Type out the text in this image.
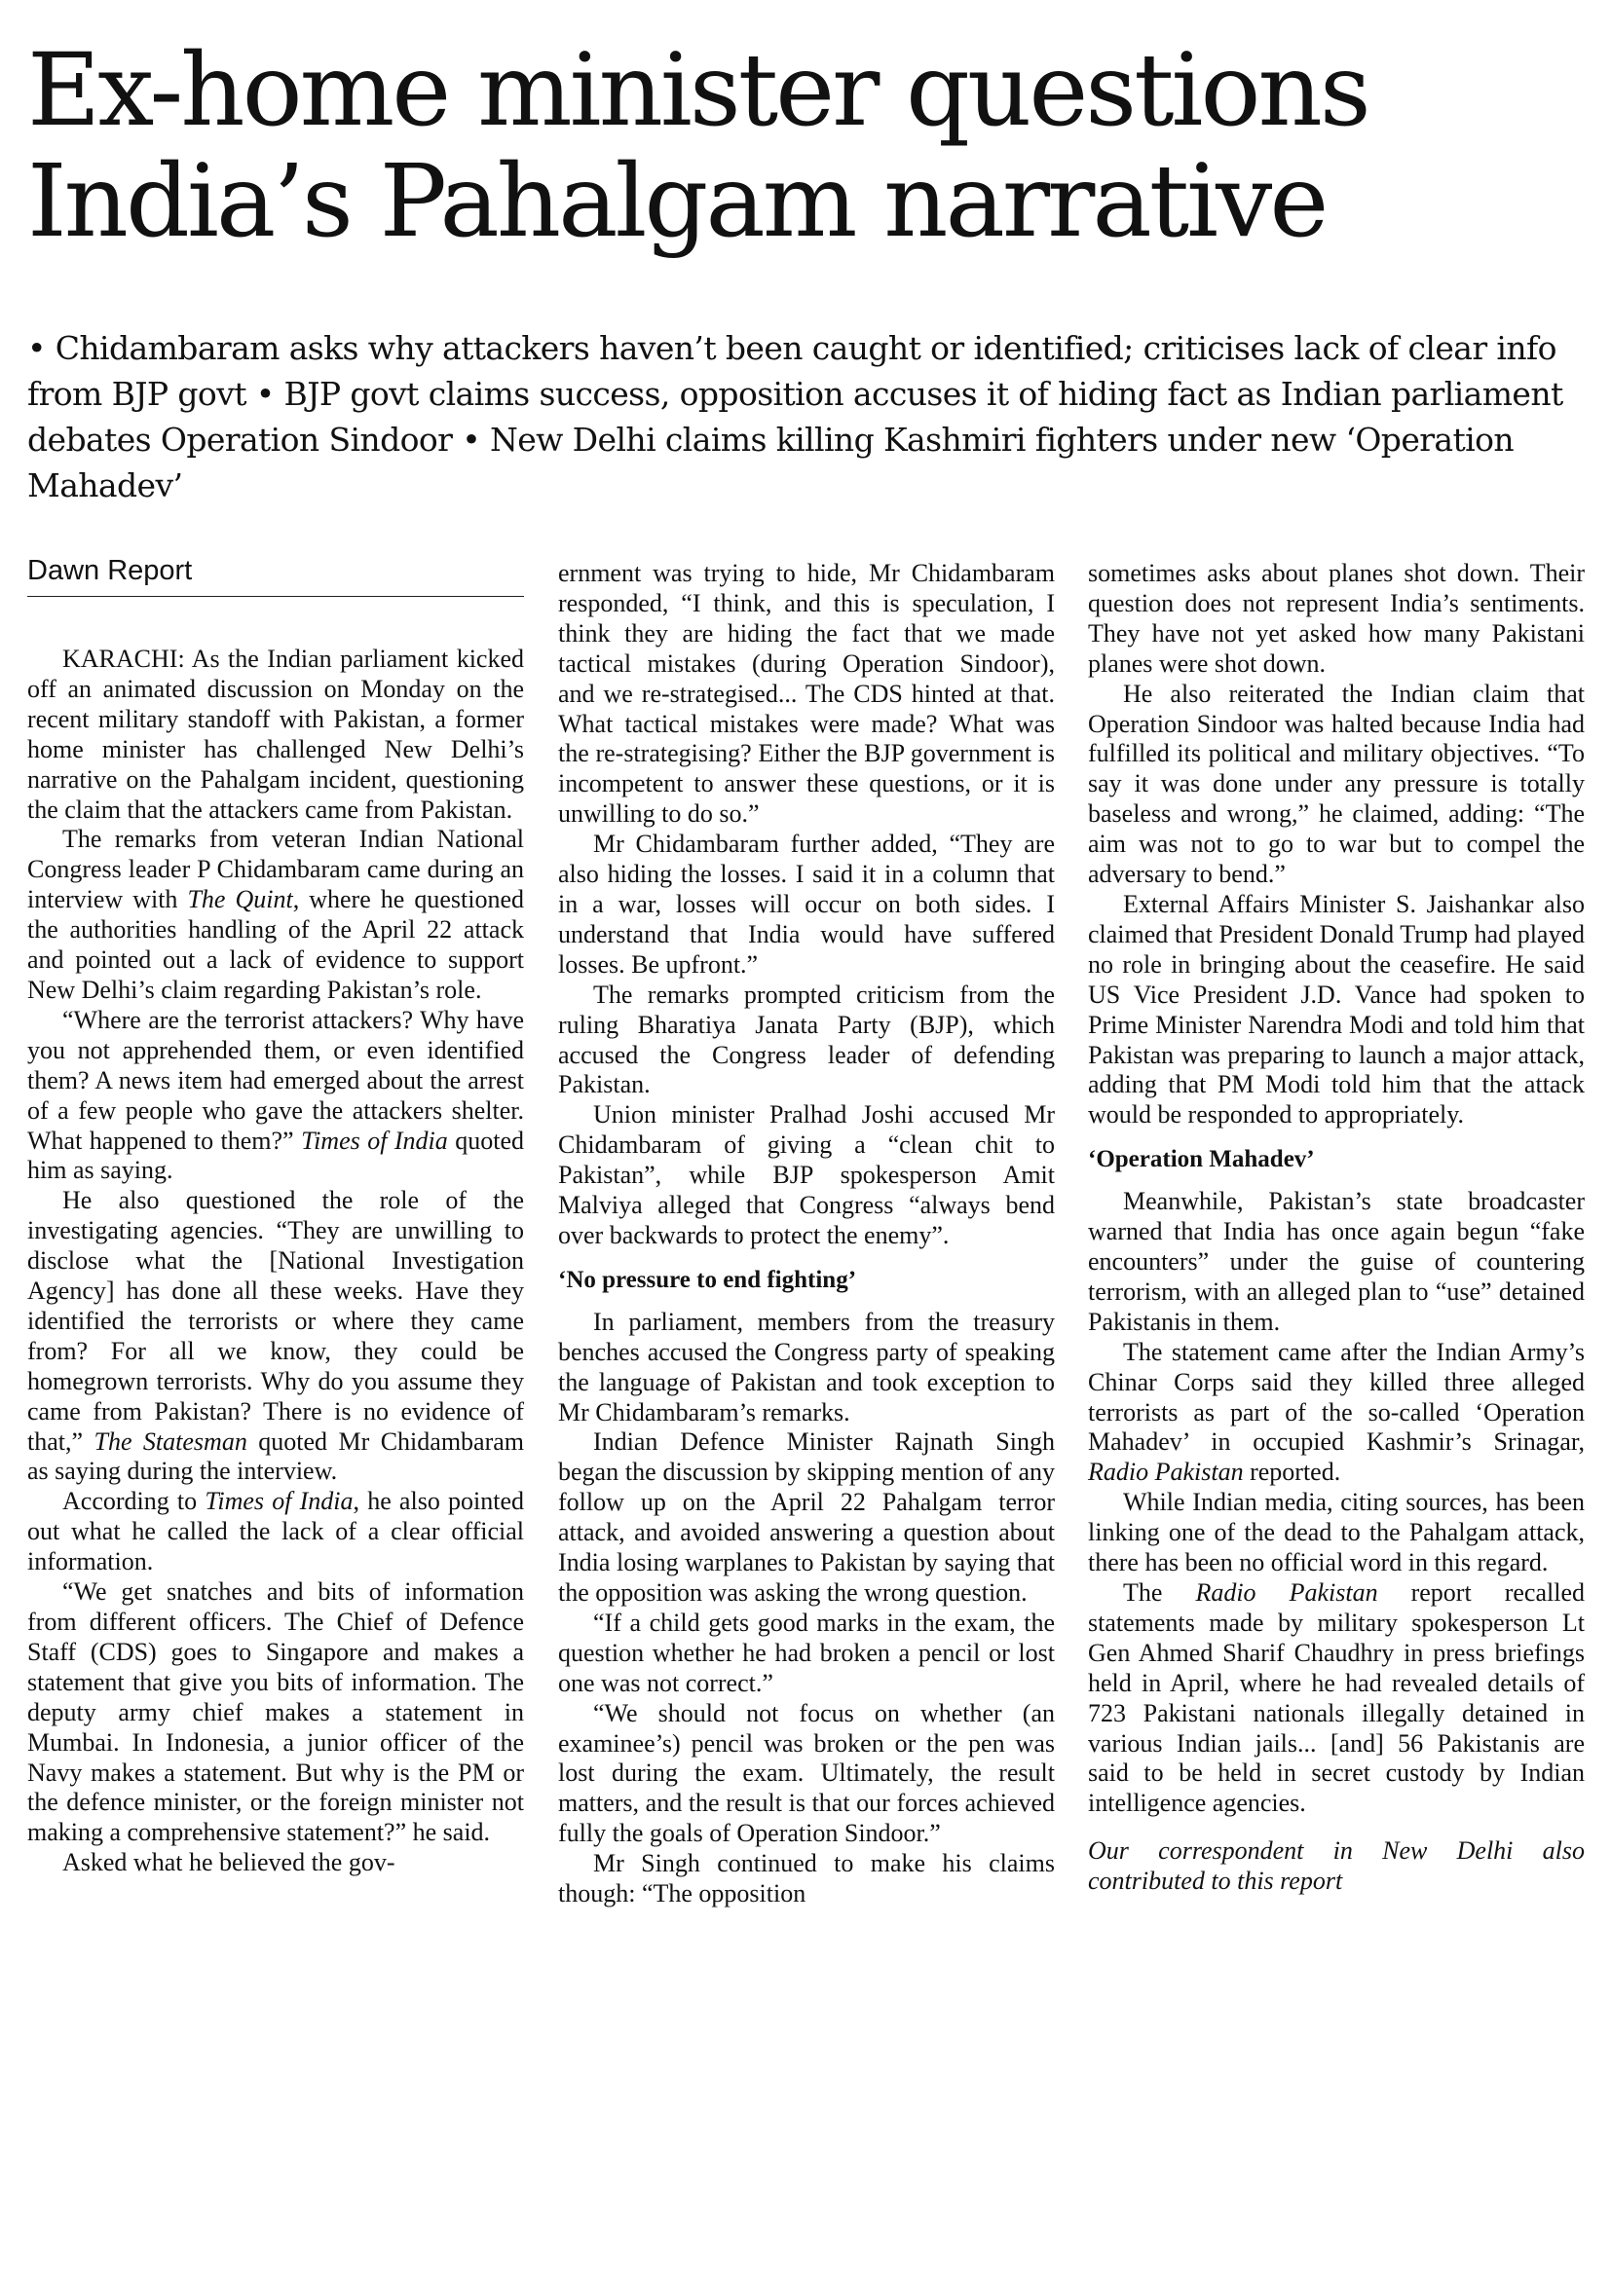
Ex-home minister questions India’s Pahalgam narrative

• Chidambaram asks why attackers haven’t been caught or identified; criticises lack of clear info from BJP govt • BJP govt claims success, opposition accuses it of hiding fact as Indian parliament debates Operation Sindoor • New Delhi claims killing Kashmiri fighters under new ‘Operation Mahadev’

Dawn Report

KARACHI: As the Indian parliament kicked off an animated discussion on Monday on the recent military standoff with Pakistan, a former home minister has challenged New Delhi’s narrative on the Pahalgam incident, questioning the claim that the attackers came from Pakistan.

The remarks from veteran Indian National Congress leader P Chidambaram came during an interview with The Quint, where he questioned the authorities handling of the April 22 attack and pointed out a lack of evidence to support New Delhi’s claim regarding Pakistan’s role.

“Where are the terrorist attackers? Why have you not apprehended them, or even identified them? A news item had emerged about the arrest of a few people who gave the attackers shelter. What happened to them?” Times of India quoted him as saying.

He also questioned the role of the investigating agencies. “They are unwilling to disclose what the [National Investigation Agency] has done all these weeks. Have they identified the terrorists or where they came from? For all we know, they could be homegrown terrorists. Why do you assume they came from Pakistan? There is no evidence of that,” The Statesman quoted Mr Chidambaram as saying during the interview.

According to Times of India, he also pointed out what he called the lack of a clear official information.

“We get snatches and bits of information from different officers. The Chief of Defence Staff (CDS) goes to Singapore and makes a statement that give you bits of information. The deputy army chief makes a statement in Mumbai. In Indonesia, a junior officer of the Navy makes a statement. But why is the PM or the defence minister, or the foreign minister not making a comprehensive statement?” he said.

Asked what he believed the gov-

ernment was trying to hide, Mr Chidambaram responded, “I think, and this is speculation, I think they are hiding the fact that we made tactical mistakes (during Operation Sindoor), and we re-strategised... The CDS hinted at that. What tactical mistakes were made? What was the re-strategising? Either the BJP government is incompetent to answer these questions, or it is unwilling to do so.”

Mr Chidambaram further added, “They are also hiding the losses. I said it in a column that in a war, losses will occur on both sides. I understand that India would have suffered losses. Be upfront.”

The remarks prompted criticism from the ruling Bharatiya Janata Party (BJP), which accused the Congress leader of defending Pakistan.

Union minister Pralhad Joshi accused Mr Chidambaram of giving a “clean chit to Pakistan”, while BJP spokesperson Amit Malviya alleged that Congress “always bend over backwards to protect the enemy”.

‘No pressure to end fighting’

In parliament, members from the treasury benches accused the Congress party of speaking the language of Pakistan and took exception to Mr Chidambaram’s remarks.

Indian Defence Minister Rajnath Singh began the discussion by skipping mention of any follow up on the April 22 Pahalgam terror attack, and avoided answering a question about India losing warplanes to Pakistan by saying that the opposition was asking the wrong question.

“If a child gets good marks in the exam, the question whether he had broken a pencil or lost one was not correct.”

“We should not focus on whether (an examinee’s) pencil was broken or the pen was lost during the exam. Ultimately, the result matters, and the result is that our forces achieved fully the goals of Operation Sindoor.”

Mr Singh continued to make his claims though: “The opposition

sometimes asks about planes shot down. Their question does not represent India’s sentiments. They have not yet asked how many Pakistani planes were shot down.

He also reiterated the Indian claim that Operation Sindoor was halted because India had fulfilled its political and military objectives. “To say it was done under any pressure is totally baseless and wrong,” he claimed, adding: “The aim was not to go to war but to compel the adversary to bend.”

External Affairs Minister S. Jaishankar also claimed that President Donald Trump had played no role in bringing about the ceasefire. He said US Vice President J.D. Vance had spoken to Prime Minister Narendra Modi and told him that Pakistan was preparing to launch a major attack, adding that PM Modi told him that the attack would be responded to appropriately.

‘Operation Mahadev’

Meanwhile, Pakistan’s state broadcaster warned that India has once again begun “fake encounters” under the guise of countering terrorism, with an alleged plan to “use” detained Pakistanis in them.

The statement came after the Indian Army’s Chinar Corps said they killed three alleged terrorists as part of the so-called ‘Operation Mahadev’ in occupied Kashmir’s Srinagar, Radio Pakistan reported.

While Indian media, citing sources, has been linking one of the dead to the Pahalgam attack, there has been no official word in this regard.

The Radio Pakistan report recalled statements made by military spokesperson Lt Gen Ahmed Sharif Chaudhry in press briefings held in April, where he had revealed details of 723 Pakistani nationals illegally detained in various Indian jails... [and] 56 Pakistanis are said to be held in secret custody by Indian intelligence agencies.

Our correspondent in New Delhi also contributed to this report
